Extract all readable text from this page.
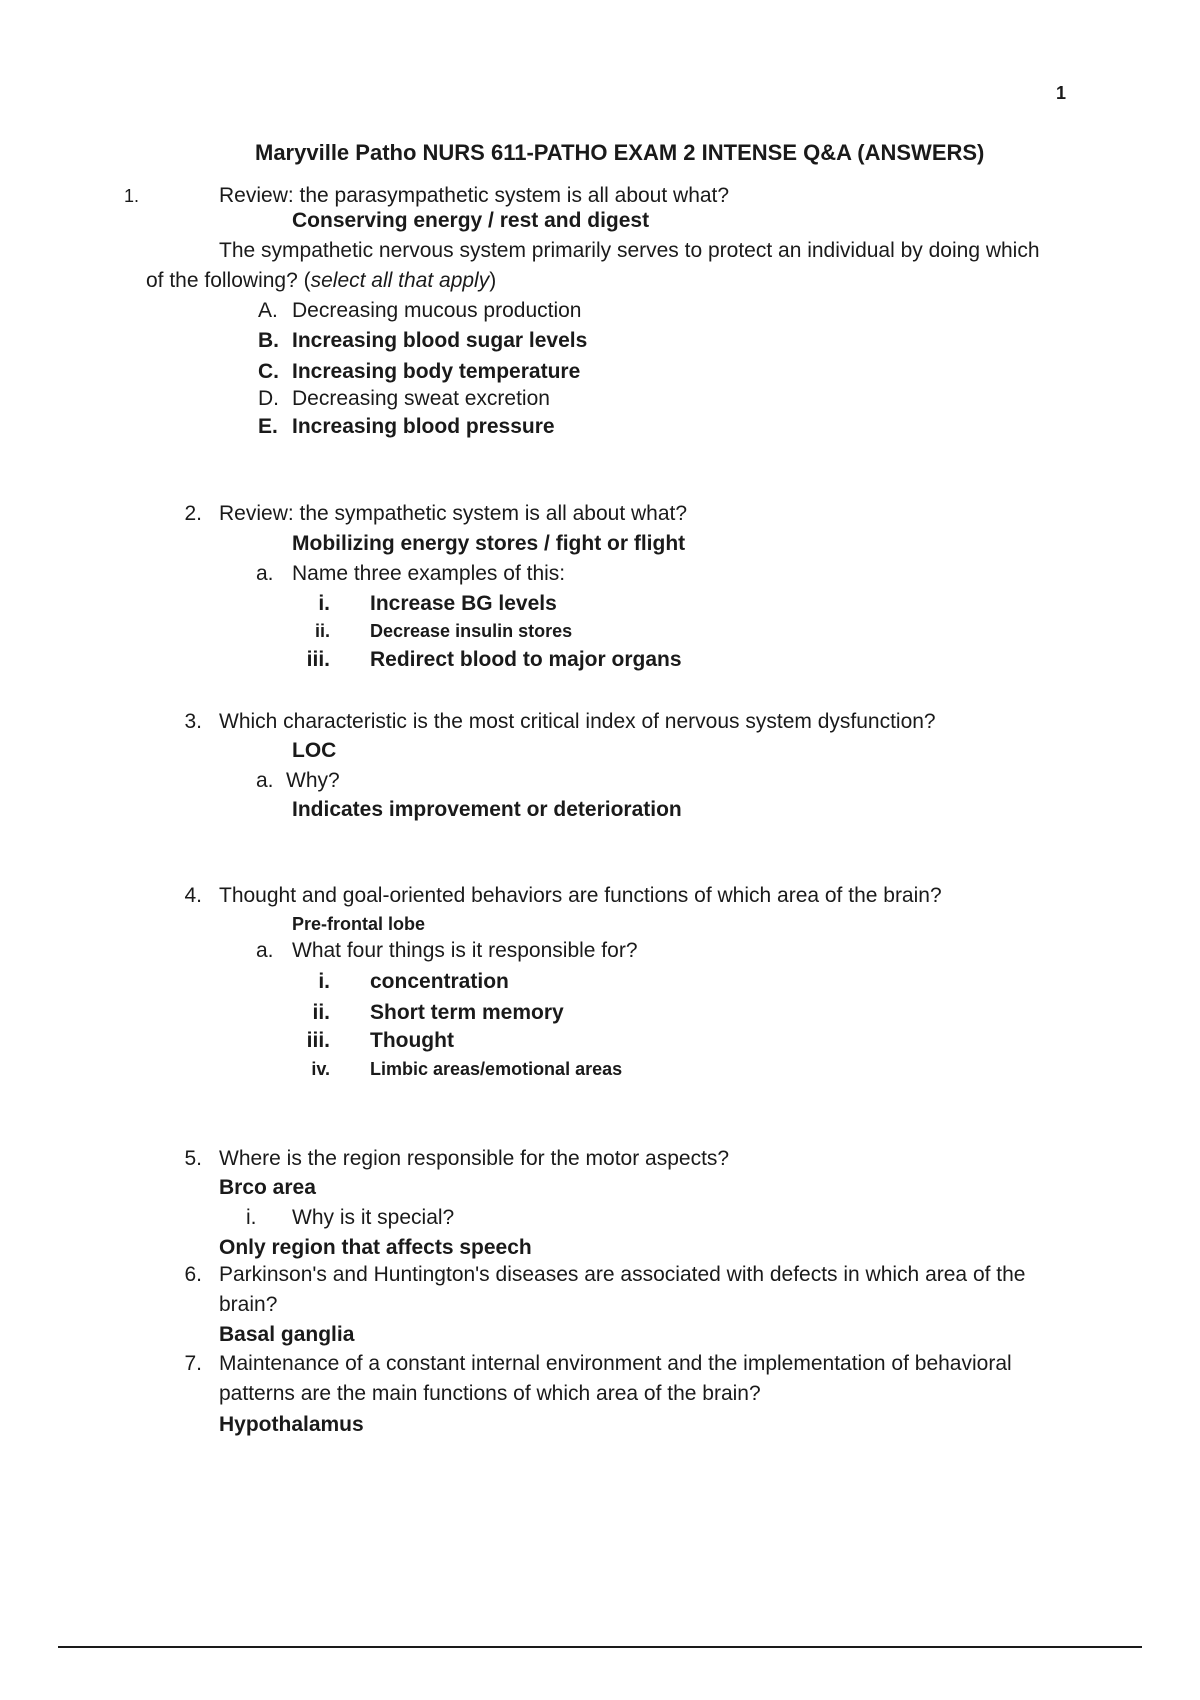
1
Maryville Patho NURS 611-PATHO EXAM 2 INTENSE Q&A (ANSWERS)
1.	Review: the parasympathetic system is all about what?
Conserving energy / rest and digest
The sympathetic nervous system primarily serves to protect an individual by doing which
of the following? (select all that apply)
A. Decreasing mucous production
B. Increasing blood sugar levels
C. Increasing body temperature
D. Decreasing sweat excretion
E. Increasing blood pressure
2. Review: the sympathetic system is all about what?
Mobilizing energy stores / fight or flight
a. Name three examples of this:
i. Increase BG levels
ii. Decrease insulin stores
iii. Redirect blood to major organs
3. Which characteristic is the most critical index of nervous system dysfunction?
LOC
a. Why?
Indicates improvement or deterioration
4. Thought and goal-oriented behaviors are functions of which area of the brain?
Pre-frontal lobe
a. What four things is it responsible for?
i. concentration
ii. Short term memory
iii. Thought
iv. Limbic areas/emotional areas
5. Where is the region responsible for the motor aspects?
Brco area
i. Why is it special?
Only region that affects speech
6. Parkinson's and Huntington's diseases are associated with defects in which area of the
brain?
Basal ganglia
7. Maintenance of a constant internal environment and the implementation of behavioral
patterns are the main functions of which area of the brain?
Hypothalamus
